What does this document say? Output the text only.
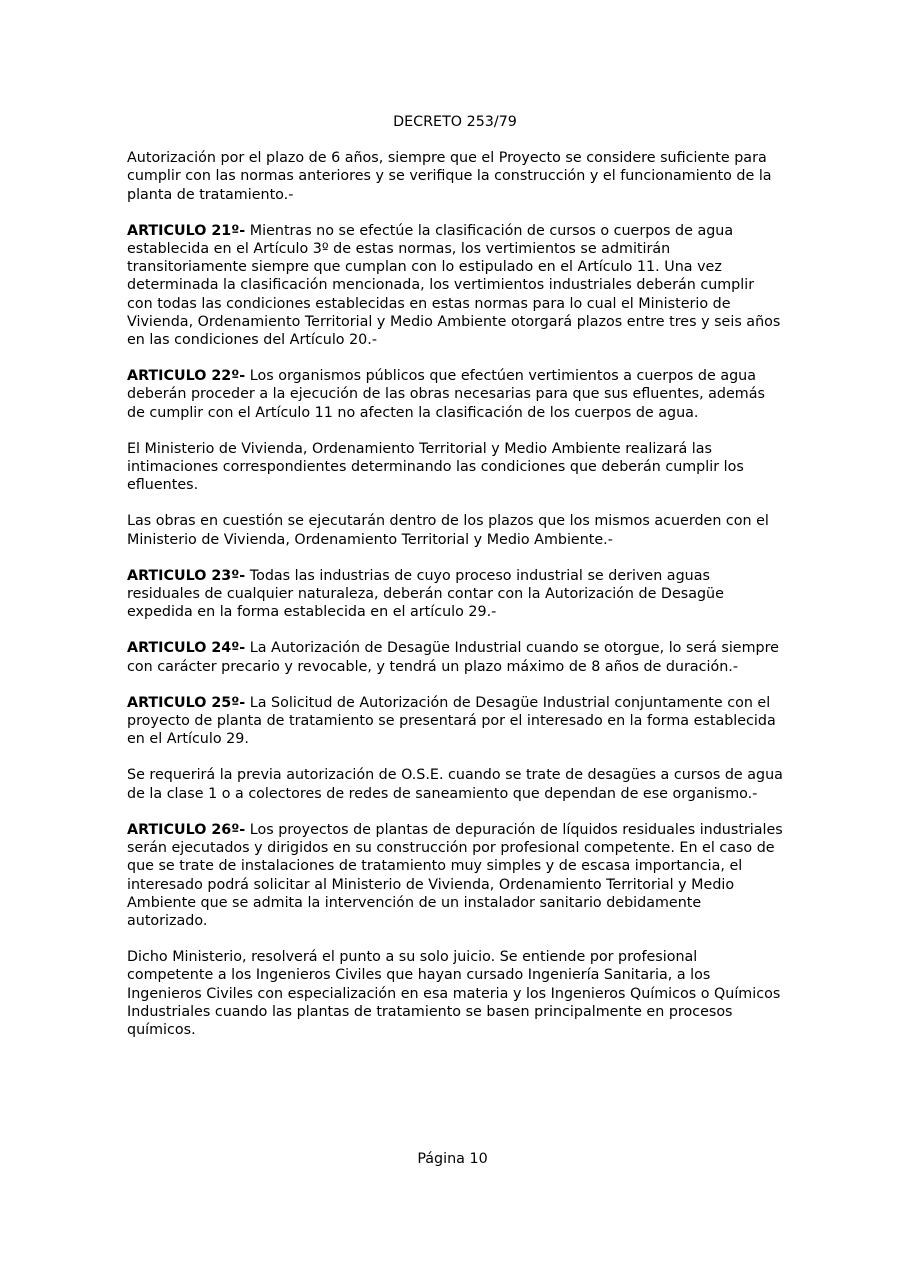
DECRETO 253/79

Autorización por el plazo de 6 años, siempre que el Proyecto se considere suficiente para cumplir con las normas anteriores y se verifique la construcción y el funcionamiento de la planta de tratamiento.-

ARTICULO 21º- Mientras no se efectúe la clasificación de cursos o cuerpos de agua establecida en el Artículo 3º de estas normas, los vertimientos se admitirán transitoriamente siempre que cumplan con lo estipulado en el Artículo 11. Una vez determinada la clasificación mencionada, los vertimientos industriales deberán cumplir con todas las condiciones establecidas en estas normas para lo cual el Ministerio de Vivienda, Ordenamiento Territorial y Medio Ambiente otorgará plazos entre tres y seis años en las condiciones del Artículo 20.-

ARTICULO 22º- Los organismos públicos que efectúen vertimientos a cuerpos de agua deberán proceder a la ejecución de las obras necesarias para que sus efluentes, además de cumplir con el Artículo 11 no afecten la clasificación de los cuerpos de agua.

El Ministerio de Vivienda, Ordenamiento Territorial y Medio Ambiente realizará las intimaciones correspondientes determinando las condiciones que deberán cumplir los efluentes.

Las obras en cuestión se ejecutarán dentro de los plazos que los mismos acuerden con el Ministerio de Vivienda, Ordenamiento Territorial y Medio Ambiente.-

ARTICULO 23º- Todas las industrias de cuyo proceso industrial se deriven aguas residuales de cualquier naturaleza, deberán contar con la Autorización de Desagüe expedida en la forma establecida en el artículo 29.-

ARTICULO 24º- La Autorización de Desagüe Industrial cuando se otorgue, lo será siempre con carácter precario y revocable, y tendrá un plazo máximo de 8 años de duración.-

ARTICULO 25º- La Solicitud de Autorización de Desagüe Industrial conjuntamente con el proyecto de planta de tratamiento se presentará por el interesado en la forma establecida en el Artículo 29.

Se requerirá la previa autorización de O.S.E. cuando se trate de desagües a cursos de agua de la clase 1 o a colectores de redes de saneamiento que dependan de ese organismo.-

ARTICULO 26º- Los proyectos de plantas de depuración de líquidos residuales industriales serán ejecutados y dirigidos en su construcción por profesional competente. En el caso de que se trate de instalaciones de tratamiento muy simples y de escasa importancia, el interesado podrá solicitar al Ministerio de Vivienda, Ordenamiento Territorial y Medio Ambiente que se admita la intervención de un instalador sanitario debidamente autorizado.

Dicho Ministerio, resolverá el punto a su solo juicio. Se entiende por profesional competente a los Ingenieros Civiles que hayan cursado Ingeniería Sanitaria, a los Ingenieros Civiles con especialización en esa materia y los Ingenieros Químicos o Químicos Industriales cuando las plantas de tratamiento se basen principalmente en procesos químicos.

Página 10
